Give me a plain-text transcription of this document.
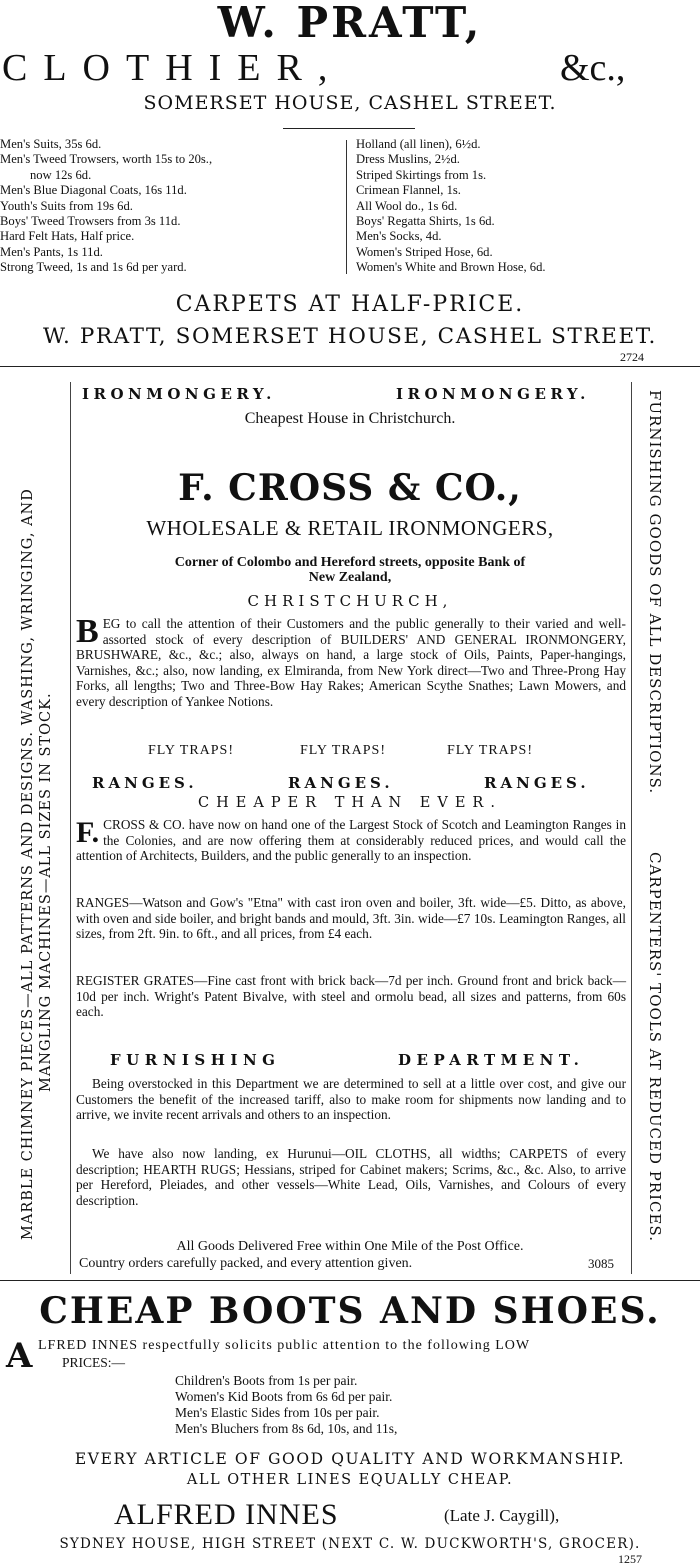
W. PRATT,
CLOTHIER,	&c.,
SOMERSET HOUSE, CASHEL STREET.
Men's Suits, 35s 6d.
Men's Tweed Trowsers, worth 15s to 20s.,
now 12s 6d.
Men's Blue Diagonal Coats, 16s 11d.
Youth's Suits from 19s 6d.
Boys' Tweed Trowsers from 3s 11d.
Hard Felt Hats, Half price.
Men's Pants, 1s 11d.
Strong Tweed, 1s and 1s 6d per yard.
Holland (all linen), 6½d.
Dress Muslins, 2½d.
Striped Skirtings from 1s.
Crimean Flannel, 1s.
All Wool do., 1s 6d.
Boys' Regatta Shirts, 1s 6d.
Men's Socks, 4d.
Women's Striped Hose, 6d.
Women's White and Brown Hose, 6d.
CARPETS AT HALF-PRICE.
W. PRATT, SOMERSET HOUSE, CASHEL STREET.
2724
MARBLE CHIMNEY PIECES—ALL PATTERNS AND DESIGNS. WASHING, WRINGING, AND MANGLING MACHINES—ALL SIZES IN STOCK.
FURNISHING GOODS OF ALL DESCRIPTIONS.
CARPENTERS' TOOLS AT REDUCED PRICES.
IRONMONGERY.	IRONMONGERY.
Cheapest House in Christchurch.
F. CROSS & CO.,
WHOLESALE & RETAIL IRONMONGERS,
Corner of Colombo and Hereford streets, opposite Bank of
New Zealand,
CHRISTCHURCH,
BEG to call the attention of their Customers and the public generally to their varied and well-assorted stock of every description of BUILDERS' AND GENERAL IRONMONGERY, BRUSHWARE, &c., &c.; also, always on hand, a large stock of Oils, Paints, Paper-hangings, Varnishes, &c.; also, now landing, ex Elmiranda, from New York direct—Two and Three-Prong Hay Forks, all lengths; Two and Three-Bow Hay Rakes; American Scythe Snathes; Lawn Mowers, and every description of Yankee Notions.
FLY TRAPS!	FLY TRAPS!	FLY TRAPS!
RANGES.	RANGES.	RANGES.
CHEAPER THAN EVER.
F. CROSS & CO. have now on hand one of the Largest Stock of Scotch and Leamington Ranges in the Colonies, and are now offering them at considerably reduced prices, and would call the attention of Architects, Builders, and the public generally to an inspection.
RANGES—Watson and Gow's "Etna" with cast iron oven and boiler, 3ft. wide—£5. Ditto, as above, with oven and side boiler, and bright bands and mould, 3ft. 3in. wide—£7 10s. Leamington Ranges, all sizes, from 2ft. 9in. to 6ft., and all prices, from £4 each.
REGISTER GRATES—Fine cast front with brick back—7d per inch. Ground front and brick back—10d per inch. Wright's Patent Bivalve, with steel and ormolu bead, all sizes and patterns, from 60s each.
FURNISHING	DEPARTMENT.
Being overstocked in this Department we are determined to sell at a little over cost, and give our Customers the benefit of the increased tariff, also to make room for shipments now landing and to arrive, we invite recent arrivals and others to an inspection.
We have also now landing, ex Hurunui—OIL CLOTHS, all widths; CARPETS of every description; HEARTH RUGS; Hessians, striped for Cabinet makers; Scrims, &c., &c. Also, to arrive per Hereford, Pleiades, and other vessels—White Lead, Oils, Varnishes, and Colours of every description.
All Goods Delivered Free within One Mile of the Post Office.
Country orders carefully packed, and every attention given.	3085
CHEAP BOOTS AND SHOES.
A LFRED INNES respectfully solicits public attention to the following LOW
PRICES:—
Children's Boots from 1s per pair.
Women's Kid Boots from 6s 6d per pair.
Men's Elastic Sides from 10s per pair.
Men's Bluchers from 8s 6d, 10s, and 11s,
EVERY ARTICLE OF GOOD QUALITY AND WORKMANSHIP.
ALL OTHER LINES EQUALLY CHEAP.
ALFRED INNES	(Late J. Caygill),
SYDNEY HOUSE, HIGH STREET (NEXT C. W. DUCKWORTH'S, GROCER).
1257
